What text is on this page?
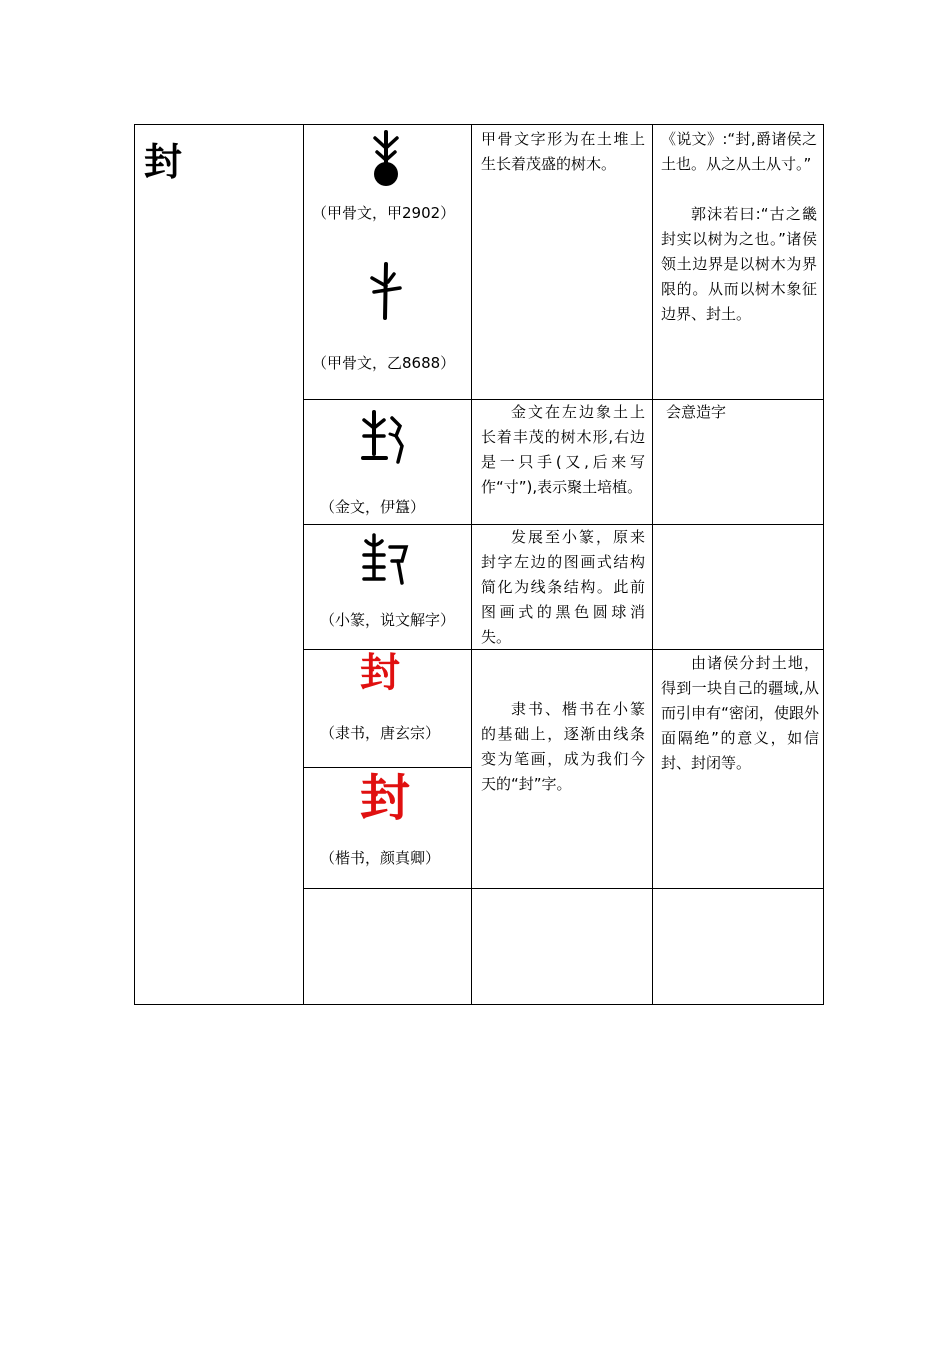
封
（甲骨文，甲2902）
（甲骨文，乙8688）
甲骨文字形为在土堆上生长着茂盛的树木。
《说文》:“封,爵诸侯之土也。从之从土从寸。”
郭沫若曰:“古之畿封实以树为之也。”诸侯领土边界是以树木为界限的。从而以树木象征边界、封土。
（金文，伊簋）
金文在左边象土上长着丰茂的树木形,右边是一只手(又,后来写作“寸”),表示聚土培植。
会意造字
（小篆，说文解字）
发展至小篆，原来封字左边的图画式结构简化为线条结构。此前图画式的黑色圆球消失。
封
（隶书，唐玄宗）
封
（楷书，颜真卿）
隶书、楷书在小篆的基础上，逐渐由线条变为笔画，成为我们今天的“封”字。
由诸侯分封土地，得到一块自己的疆域,从而引申有“密闭，使跟外面隔绝”的意义，如信封、封闭等。
